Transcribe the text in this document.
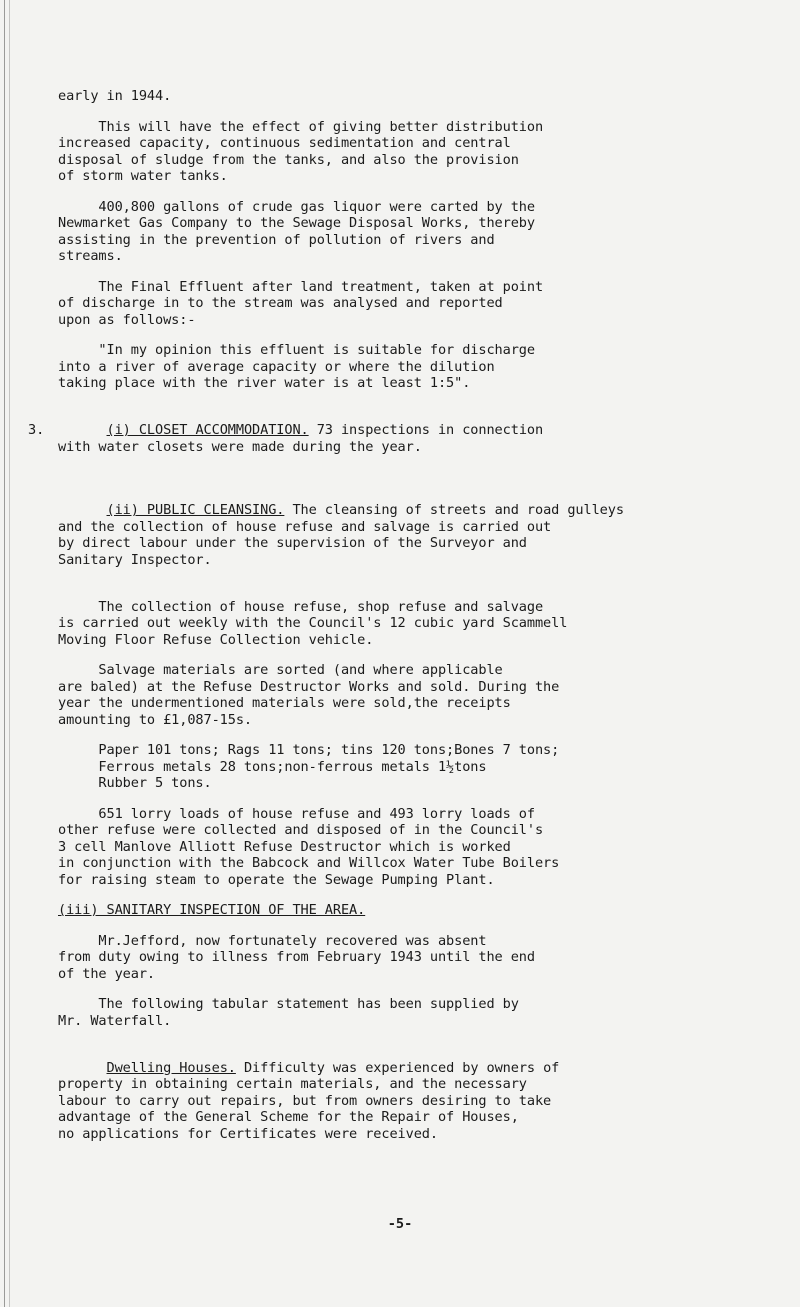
early in 1944.

This will have the effect of giving better distribution
increased capacity, continuous sedimentation and central
disposal of sludge from the tanks, and also the provision
of storm water tanks.

400,800 gallons of crude gas liquor were carted by the
Newmarket Gas Company to the Sewage Disposal Works, thereby
assisting in the prevention of pollution of rivers and
streams.

The Final Effluent after land treatment, taken at point
of discharge in to the stream was analysed and reported
upon as follows:-

"In my opinion this effluent is suitable for discharge
into a river of average capacity or where the dilution
taking place with the river water is at least 1:5".

3.	(i) CLOSET ACCOMMODATION. 73 inspections in connection
with water closets were made during the year.

(ii) PUBLIC CLEANSING. The cleansing of streets and road gulleys
and the collection of house refuse and salvage is carried out
by direct labour under the supervision of the Surveyor and
Sanitary Inspector.

The collection of house refuse, shop refuse and salvage
is carried out weekly with the Council's 12 cubic yard Scammell
Moving Floor Refuse Collection vehicle.

Salvage materials are sorted (and where applicable
are baled) at the Refuse Destructor Works and sold. During the
year the undermentioned materials were sold,the receipts
amounting to £1,087-15s.

Paper 101 tons; Rags 11 tons; tins 120 tons;Bones 7 tons;
Ferrous metals 28 tons;non-ferrous metals 1½tons
Rubber 5 tons.

651 lorry loads of house refuse and 493 lorry loads of
other refuse were collected and disposed of in the Council's
3 cell Manlove Alliott Refuse Destructor which is worked
in conjunction with the Babcock and Willcox Water Tube Boilers
for raising steam to operate the Sewage Pumping Plant.

(iii) SANITARY INSPECTION OF THE AREA.

Mr.Jefford, now fortunately recovered was absent
from duty owing to illness from February 1943 until the end
of the year.

The following tabular statement has been supplied by
Mr. Waterfall.

Dwelling Houses. Difficulty was experienced by owners of
property in obtaining certain materials, and the necessary
labour to carry out repairs, but from owners desiring to take
advantage of the General Scheme for the Repair of Houses,
no applications for Certificates were received.

-5-
